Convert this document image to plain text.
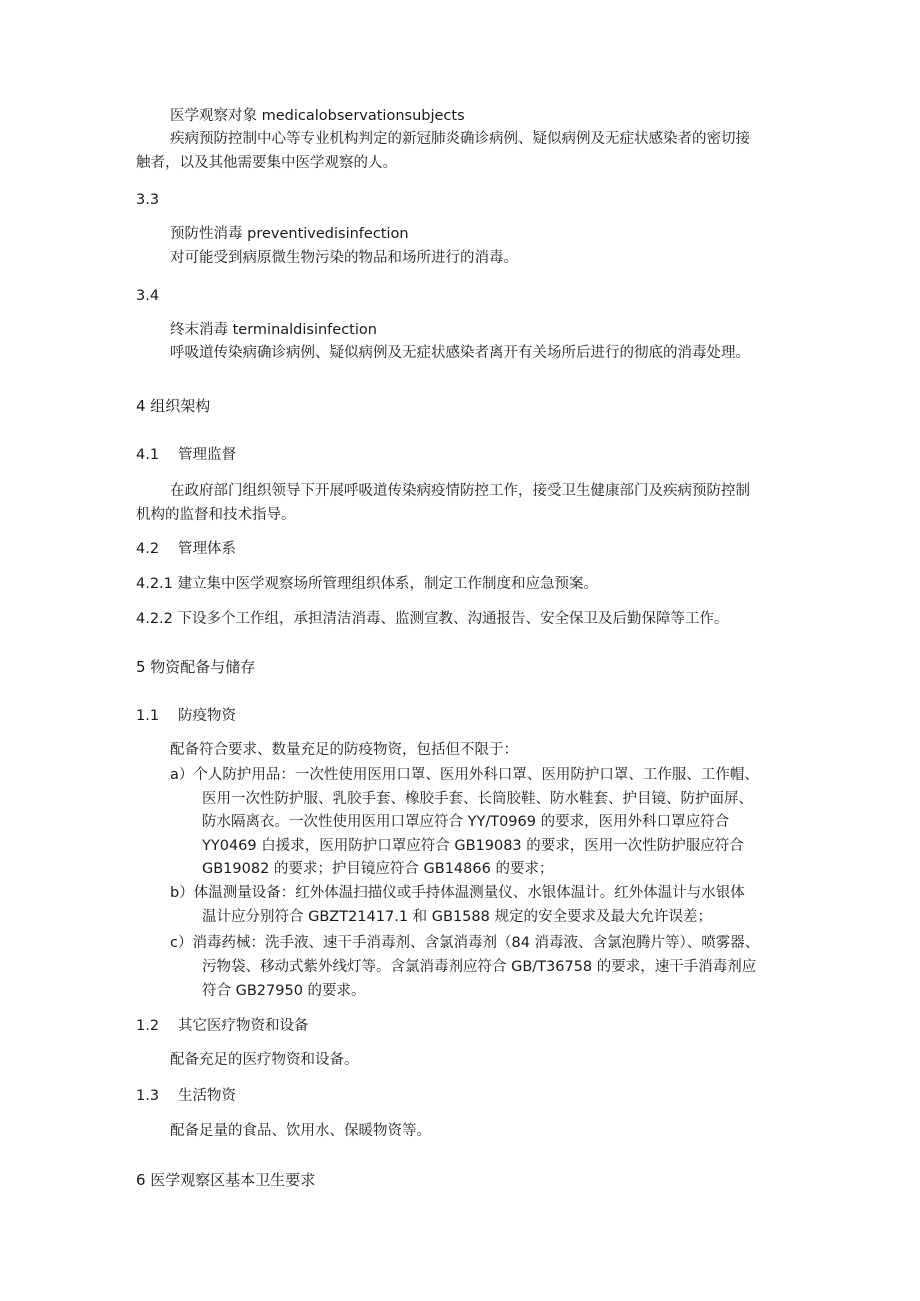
医学观察对象 medicalobservationsubjects
疾病预防控制中心等专业机构判定的新冠肺炎确诊病例、疑似病例及无症状感染者的密切接
触者，以及其他需要集中医学观察的人。
3.3
预防性消毒 preventivedisinfection
对可能受到病原微生物污染的物品和场所进行的消毒。
3.4
终末消毒 terminaldisinfection
呼吸道传染病确诊病例、疑似病例及无症状感染者离开有关场所后进行的彻底的消毒处理。
4 组织架构
4.1 管理监督
在政府部门组织领导下开展呼吸道传染病疫情防控工作，接受卫生健康部门及疾病预防控制
机构的监督和技术指导。
4.2 管理体系
4.2.1 建立集中医学观察场所管理组织体系，制定工作制度和应急预案。
4.2.2 下设多个工作组，承担清洁消毒、监测宣教、沟通报告、安全保卫及后勤保障等工作。
5 物资配备与储存
1.1 防疫物资
配备符合要求、数量充足的防疫物资，包括但不限于：
a）个人防护用品：一次性使用医用口罩、医用外科口罩、医用防护口罩、工作服、工作帽、
医用一次性防护服、乳胶手套、橡胶手套、长筒胶鞋、防水鞋套、护目镜、防护面屏、
防水隔离衣。一次性使用医用口罩应符合 YY/T0969 的要求，医用外科口罩应符合
YY0469 白援求，医用防护口罩应符合 GB19083 的要求，医用一次性防护服应符合
GB19082 的要求；护目镜应符合 GB14866 的要求；
b）体温测量设备：红外体温扫描仪或手持体温测量仪、水银体温计。红外体温计与水银体
温计应分别符合 GBZT21417.1 和 GB1588 规定的安全要求及最大允许误差；
c）消毒药械：洗手液、速干手消毒剂、含氯消毒剂（84 消毒液、含氯泡腾片等）、喷雾器、
污物袋、移动式紫外线灯等。含氯消毒剂应符合 GB/T36758 的要求，速干手消毒剂应
符合 GB27950 的要求。
1.2 其它医疗物资和设备
配备充足的医疗物资和设备。
1.3 生活物资
配备足量的食品、饮用水、保暖物资等。
6 医学观察区基本卫生要求
